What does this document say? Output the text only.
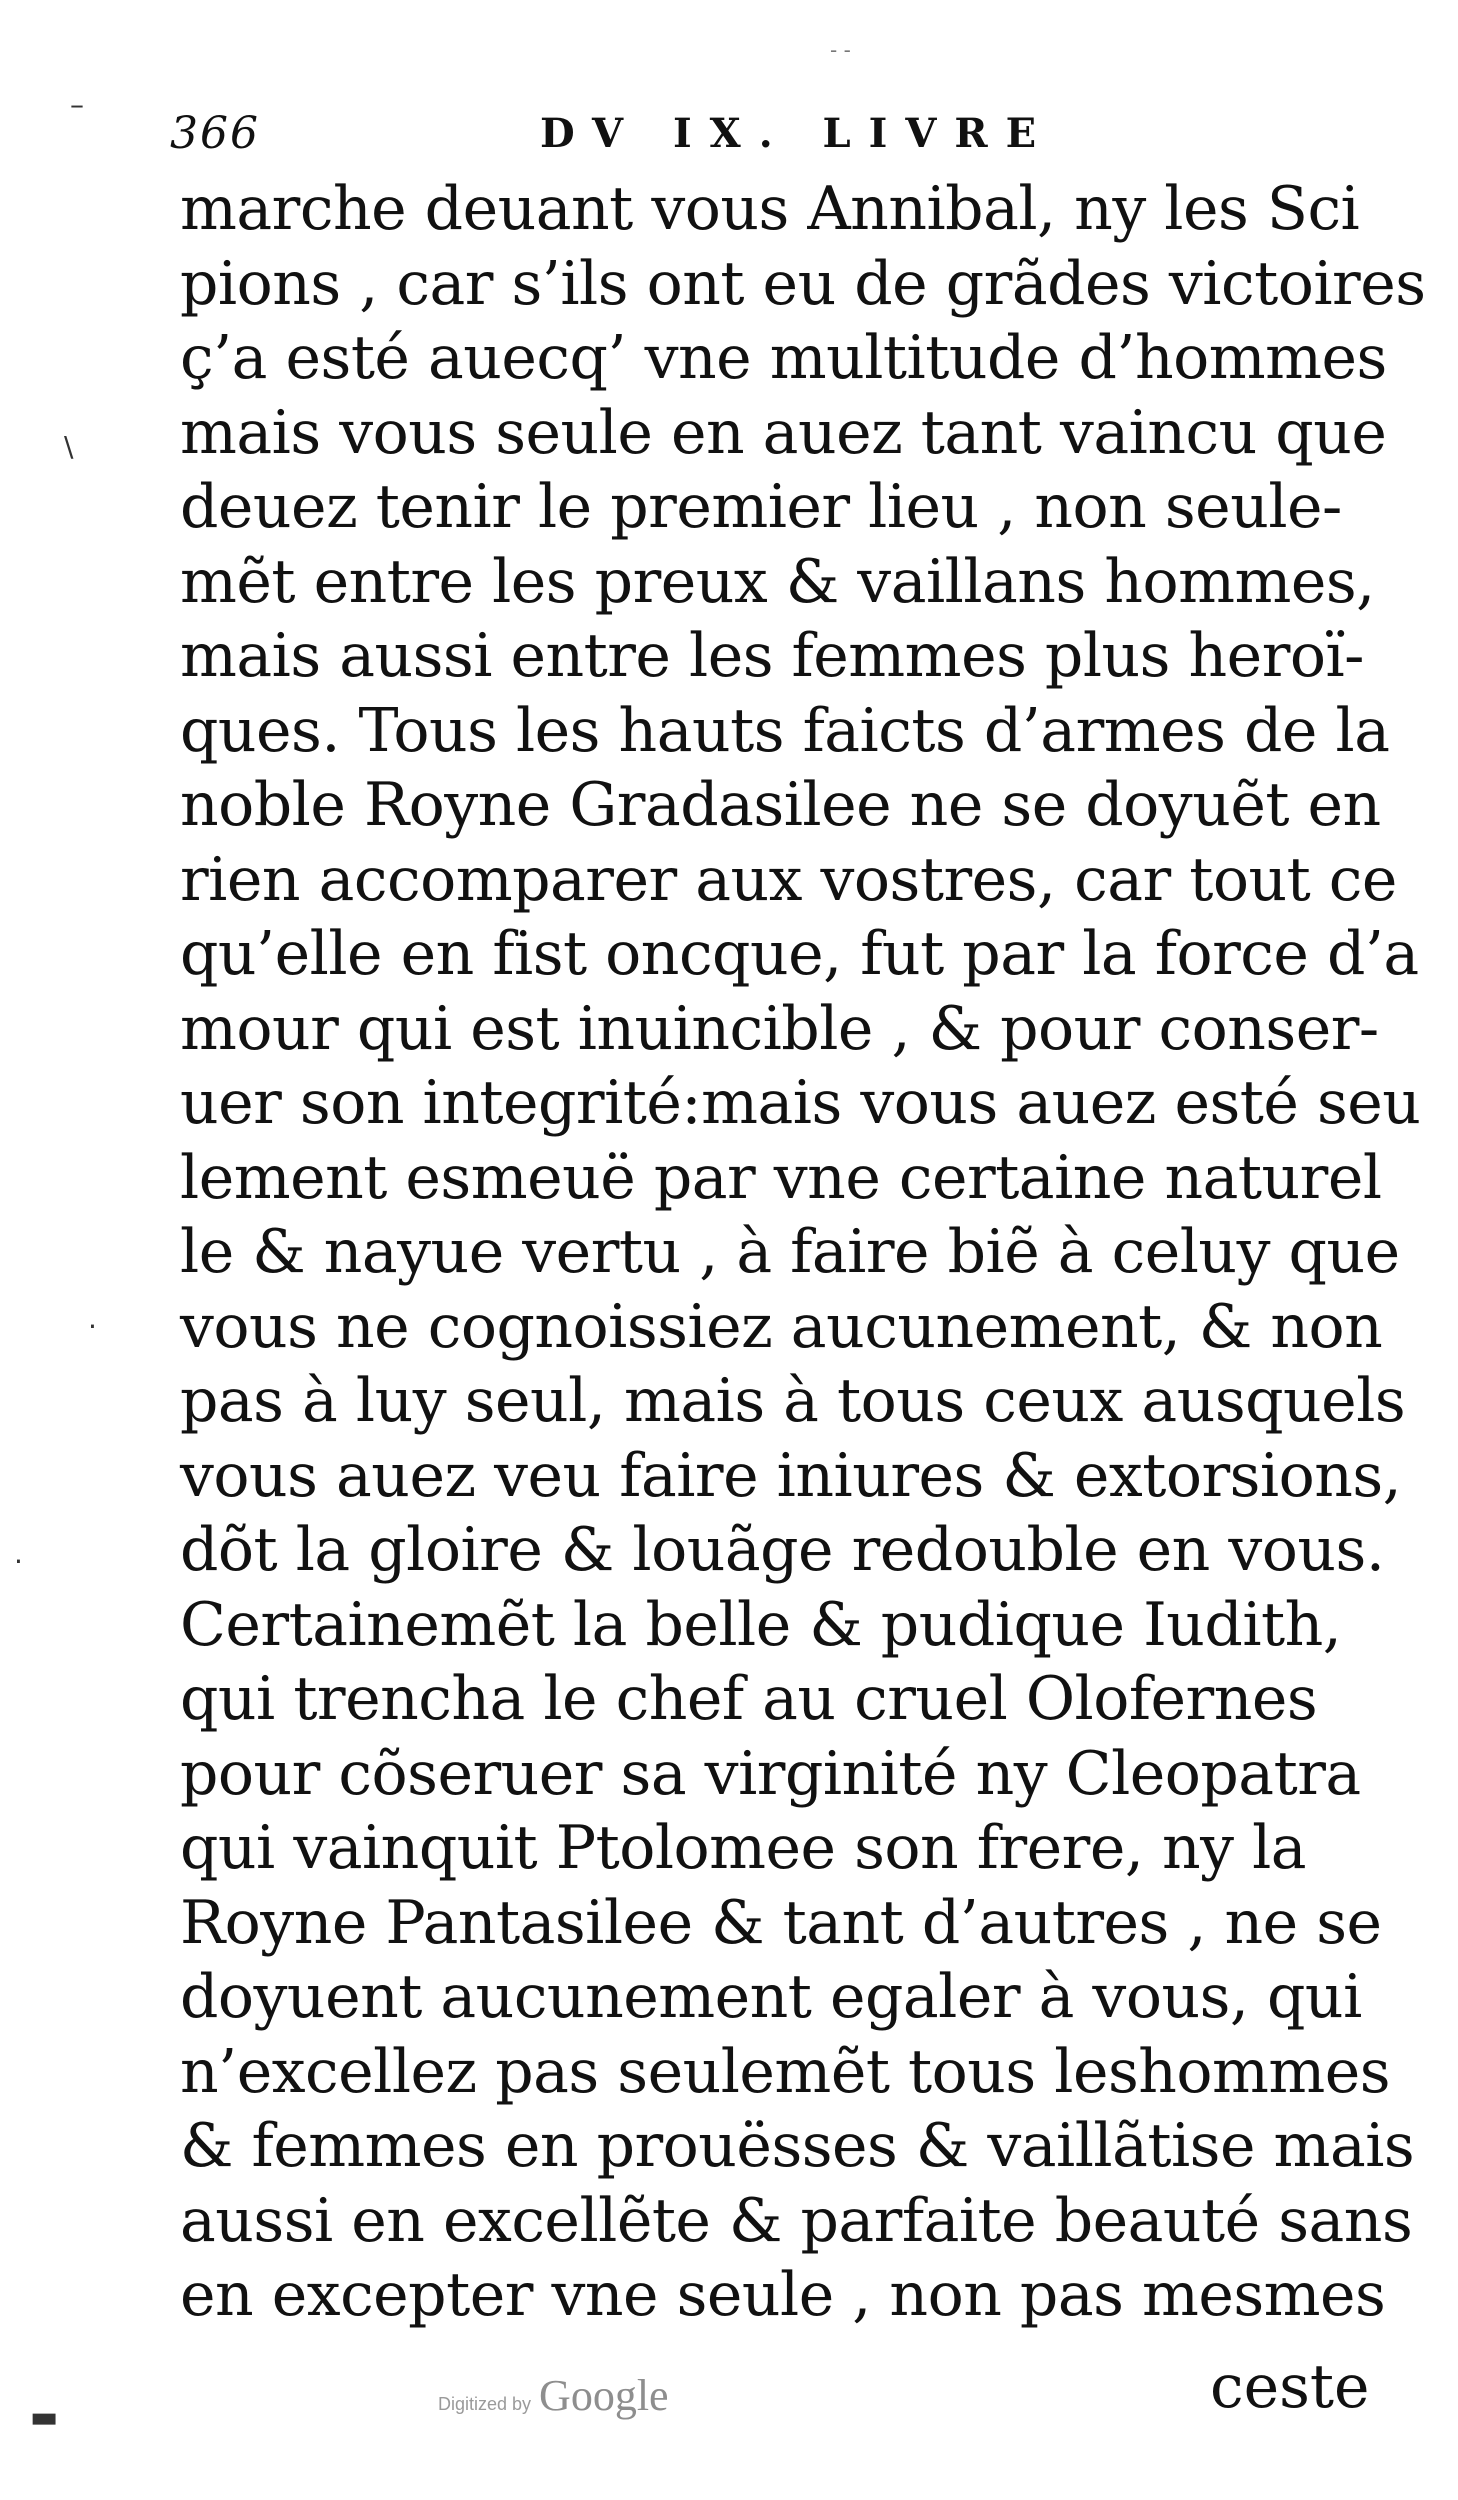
366	DV IX. LIVRE
marche deuant vous Annibal, ny les Sci
pions , car s’ils ont eu de grãdes victoires
ç’a esté auecq’ vne multitude d’hommes
mais vous seule en auez tant vaincu que
deuez tenir le premier lieu , non seule-
mẽt entre les preux & vaillans hommes,
mais aussi entre les femmes plus heroï-
ques. Tous les hauts faicts d’armes de la
noble Royne Gradasilee ne se doyuẽt en
rien accomparer aux vostres, car tout ce
qu’elle en fist oncque, fut par la force d’a
mour qui est inuincible , & pour conser-
uer son integrité:mais vous auez esté seu
lement esmeuë par vne certaine naturel
le & nayue vertu , à faire biẽ à celuy que
vous ne cognoissiez aucunement, & non
pas à luy seul, mais à tous ceux ausquels
vous auez veu faire iniures & extorsions,
dõt la gloire & louãge redouble en vous.
Certainemẽt la belle & pudique Iudith,
qui trencha le chef au cruel Olofernes
pour cõseruer sa virginité ny Cleopatra
qui vainquit Ptolomee son frere, ny la
Royne Pantasilee & tant d’autres , ne se
doyuent aucunement egaler à vous, qui
n’excellez pas seulemẽt tous leshommes
& femmes en prouësses & vaillãtise mais
aussi en excellẽte & parfaite beauté sans
en excepter vne seule , non pas mesmes
ceste
Digitized by Google
–
\
·
·
▬
- -
